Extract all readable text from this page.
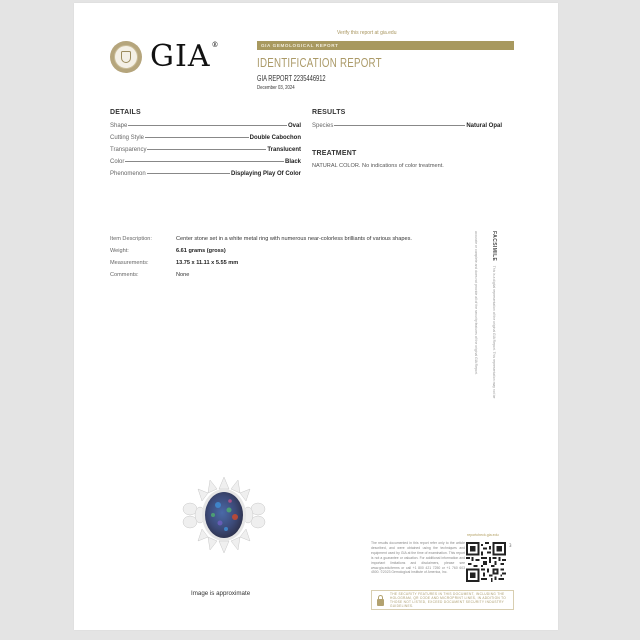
GIA®
Verify this report at gia.edu
GIA GEMOLOGICAL REPORT
IDENTIFICATION REPORT
GIA REPORT 2235446912
December 03, 2024
DETAILS
Shape	Oval
Cutting Style	Double Cabochon
Transparency	Translucent
Color	Black
Phenomenon	Displaying Play Of Color
RESULTS
Species	Natural Opal
TREATMENT
NATURAL COLOR. No indications of color treatment.
Item Description:	Center stone set in a white metal ring with numerous near-colorless brilliants of various shapes.
Weight:	6.61 grams (gross)
Measurements:	13.75 x 11.11 x 5.55 mm
Comments:	None
FACSIMILE This is a digital representation of the original GIA Report. This representation may not be accurate or complete and does not provide all of the security features of the original GIA Report.
Image is approximate
The results documented in this report refer only to the article described, and were obtained using the techniques and equipment used by GIA at the time of examination. This report is not a guarantee or valuation. For additional information and important limitations and disclaimers, please see www.gia.edu/terms or call +1 800 421 7250 or +1 760 603 4500. ©2023 Gemological Institute of America, Inc.
reportcheck.gia.edu
3
THE SECURITY FEATURES IN THIS DOCUMENT, INCLUDING THE HOLOGRAM, QR CODE AND MICROPRINT LINES, IN ADDITION TO THOSE NOT LISTED, EXCEED DOCUMENT SECURITY INDUSTRY GUIDELINES.
